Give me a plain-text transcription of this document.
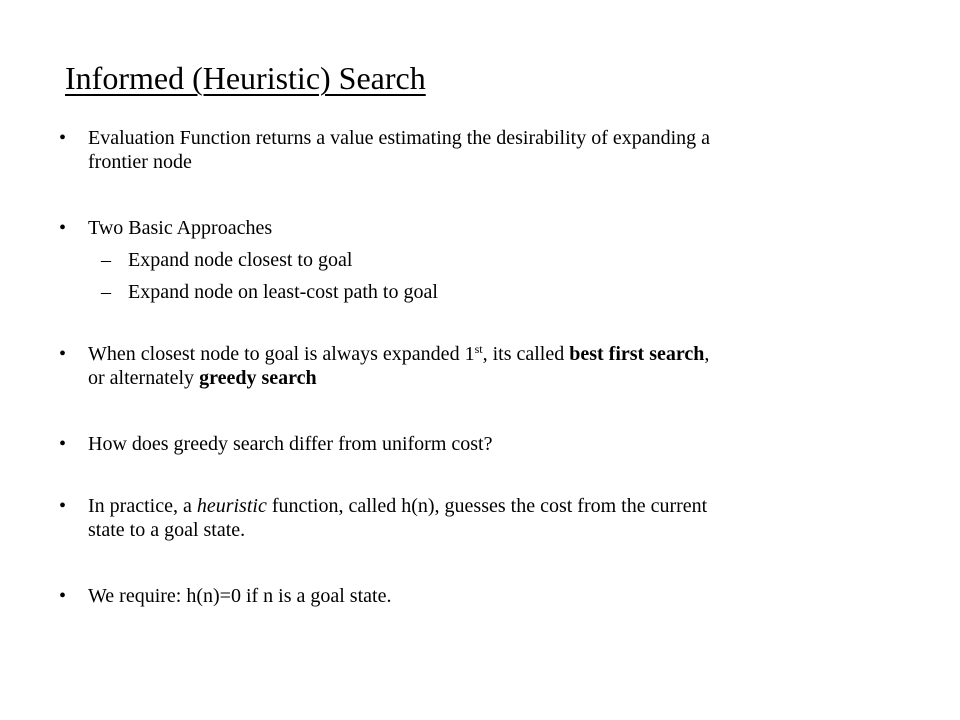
Informed (Heuristic) Search
• Evaluation Function returns a value estimating the desirability of expanding a
frontier node
• Two Basic Approaches
– Expand node closest to goal
– Expand node on least-cost path to goal
• When closest node to goal is always expanded 1st, its called best first search,
or alternately greedy search
• How does greedy search differ from uniform cost?
• In practice, a heuristic function, called h(n), guesses the cost from the current
state to a goal state.
• We require: h(n)=0 if n is a goal state.
